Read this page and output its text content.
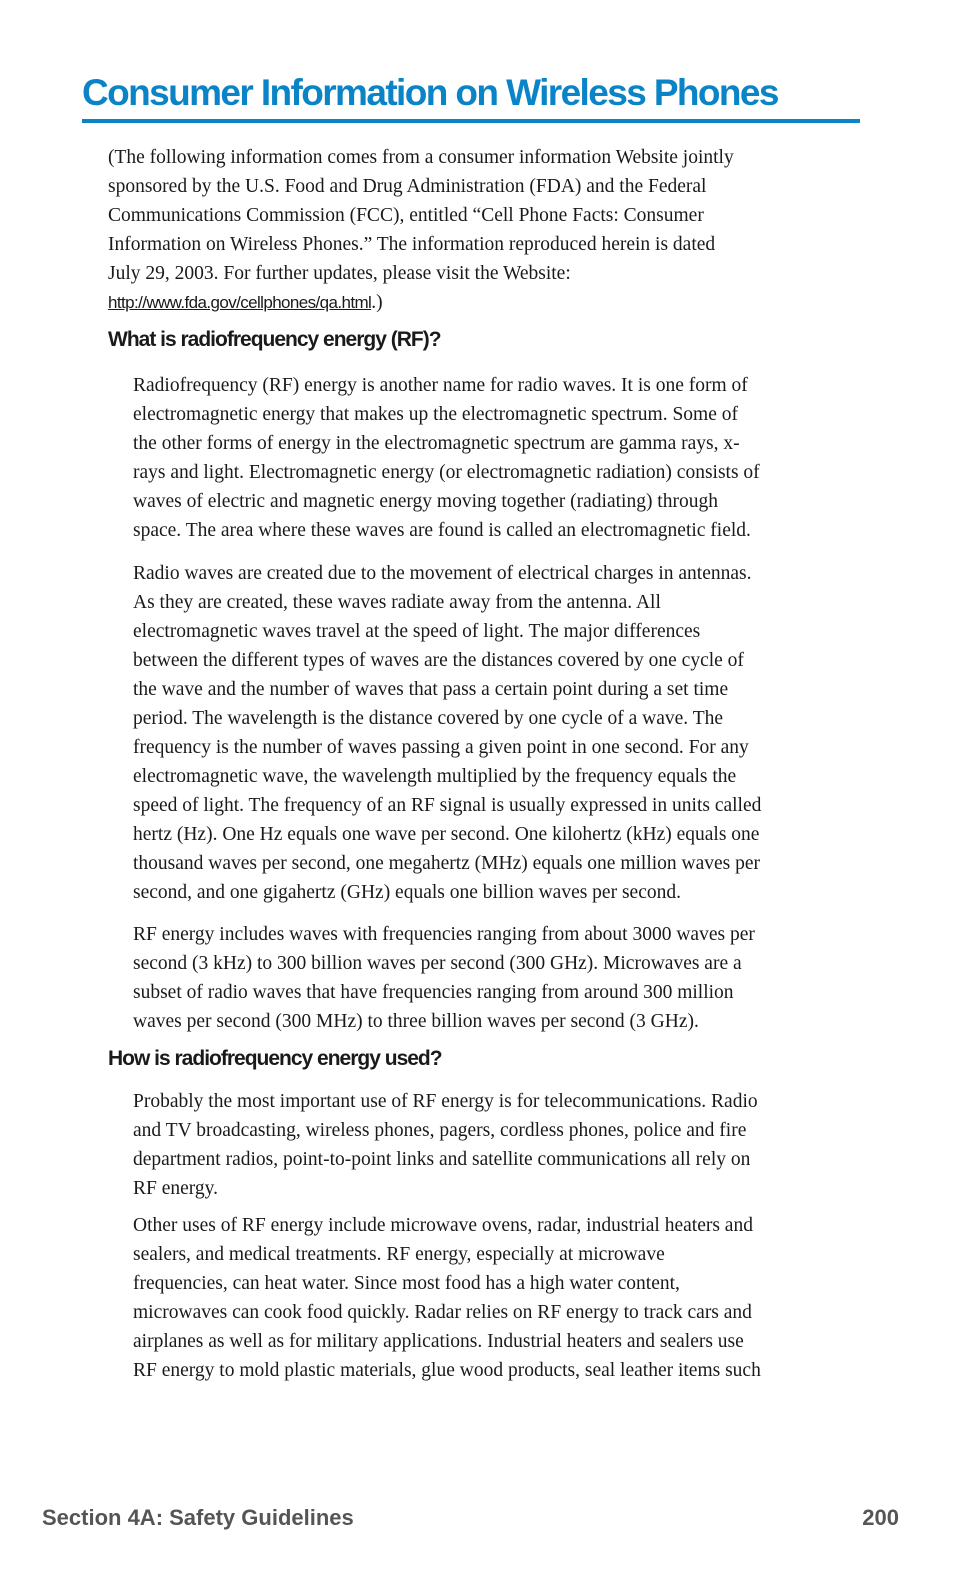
Consumer Information on Wireless Phones
(The following information comes from a consumer information Website jointly
sponsored by the U.S. Food and Drug Administration (FDA) and the Federal
Communications Commission (FCC), entitled “Cell Phone Facts: Consumer
Information on Wireless Phones.” The information reproduced herein is dated
July 29, 2003. For further updates, please visit the Website:
http://www.fda.gov/cellphones/qa.html.)
What is radiofrequency energy (RF)?
Radiofrequency (RF) energy is another name for radio waves. It is one form of
electromagnetic energy that makes up the electromagnetic spectrum. Some of
the other forms of energy in the electromagnetic spectrum are gamma rays, x-
rays and light. Electromagnetic energy (or electromagnetic radiation) consists of
waves of electric and magnetic energy moving together (radiating) through
space. The area where these waves are found is called an electromagnetic field.
Radio waves are created due to the movement of electrical charges in antennas.
As they are created, these waves radiate away from the antenna. All
electromagnetic waves travel at the speed of light. The major differences
between the different types of waves are the distances covered by one cycle of
the wave and the number of waves that pass a certain point during a set time
period. The wavelength is the distance covered by one cycle of a wave. The
frequency is the number of waves passing a given point in one second. For any
electromagnetic wave, the wavelength multiplied by the frequency equals the
speed of light. The frequency of an RF signal is usually expressed in units called
hertz (Hz). One Hz equals one wave per second. One kilohertz (kHz) equals one
thousand waves per second, one megahertz (MHz) equals one million waves per
second, and one gigahertz (GHz) equals one billion waves per second.
RF energy includes waves with frequencies ranging from about 3000 waves per
second (3 kHz) to 300 billion waves per second (300 GHz). Microwaves are a
subset of radio waves that have frequencies ranging from around 300 million
waves per second (300 MHz) to three billion waves per second (3 GHz).
How is radiofrequency energy used?
Probably the most important use of RF energy is for telecommunications. Radio
and TV broadcasting, wireless phones, pagers, cordless phones, police and fire
department radios, point-to-point links and satellite communications all rely on
RF energy.
Other uses of RF energy include microwave ovens, radar, industrial heaters and
sealers, and medical treatments. RF energy, especially at microwave
frequencies, can heat water. Since most food has a high water content,
microwaves can cook food quickly. Radar relies on RF energy to track cars and
airplanes as well as for military applications. Industrial heaters and sealers use
RF energy to mold plastic materials, glue wood products, seal leather items such
Section 4A: Safety Guidelines	200
